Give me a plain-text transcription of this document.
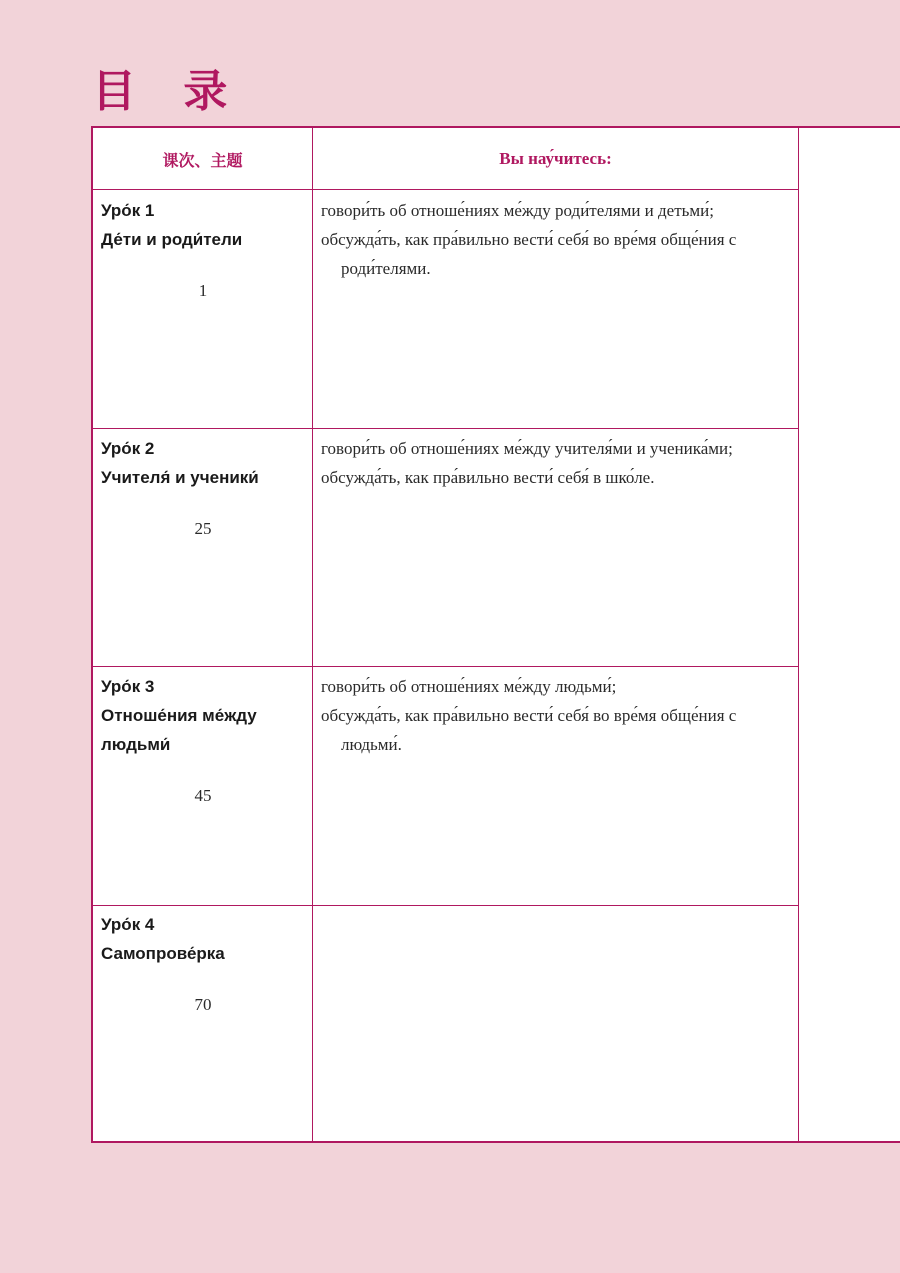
目 录
课次、主题	Вы нау́читесь:
Уро́к 1
Де́ти и роди́тели
1
говори́ть об отноше́ниях ме́жду роди́телями и детьми́;
обсужда́ть, как пра́вильно вести́ себя́ во вре́мя обще́ния с роди́телями.
Уро́к 2
Учителя́ и ученики́
25
говори́ть об отноше́ниях ме́жду учителя́ми и ученика́ми;
обсужда́ть, как пра́вильно вести́ себя́ в шко́ле.
Уро́к 3
Отноше́ния ме́жду людьми́
45
говори́ть об отноше́ниях ме́жду людьми́;
обсужда́ть, как пра́вильно вести́ себя́ во вре́мя обще́ния с людьми́.
Уро́к 4
Самопрове́рка
70
